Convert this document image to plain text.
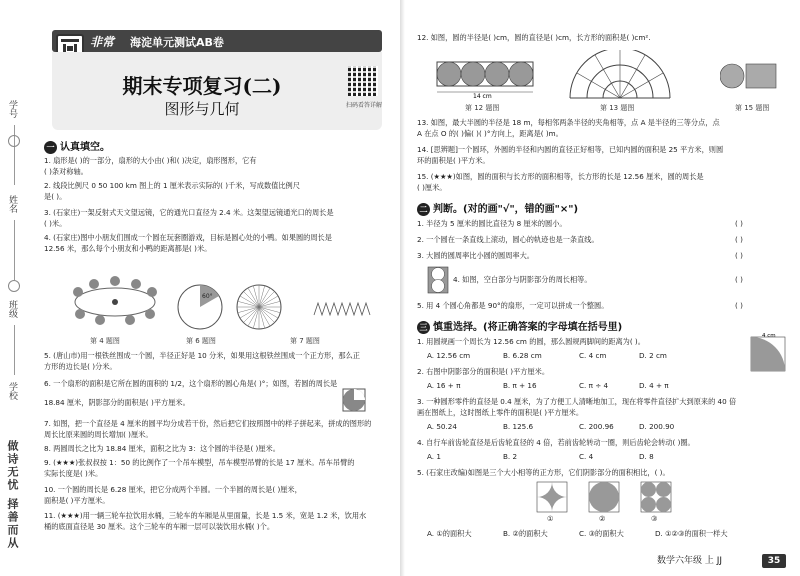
学号
姓名
班级
学校
做诗无忧 择善而从
非常 海淀单元测试AB卷
期末专项复习(二)
图形与几何	扫码看答详解
一 认真填空。
1. 扇形是( )的一部分，扇形的大小由( )和( )决定，扇形图形，它有
( )条对称轴。
2. 线段比例尺 0 50 100 km 图上的 1 厘米表示实际的( )千米，写成数值比例尺
是( )。
3. (石家庄)一架反射式天文望远镜，它的通光口直径为 2.4 米。这架望远镜通光口的周长是
( )米。
4. (石家庄)图中小朋友们围成一个圆在玩套圈游戏，目标是圆心处的小鸭。如果圆的周长是
12.56 米，那么每个小朋友和小鸭的距离都是( )米。
第 4 题图
60°
第 6 题图	第 7 题图
5. (唐山市)用一根铁丝围成一个圆，半径正好是 10 分米，如果用这根铁丝围成一个正方形，那么正
方形的边长是( )分米。
6. 一个扇形的面积是它所在圆的面积的 1/2，这个扇形的圆心角是( )°；如图，若圆的周长是
18.84 厘米，阴影部分的面积是( )平方厘米。
7. 如图，把一个直径是 4 厘米的圆平均分成若干份，然后把它们按照图中的样子拼起来，拼成的图形的
周长比原来圆的周长增加( )厘米。
8. 两圆周长之比为 18.84 厘米，面积之比为 3：这个圆的半径是( )厘米。
9. (★★★)张叔叔按 1：50 的比例作了一个吊车模型，吊车模型吊臂的长是 17 厘米。吊车吊臂的
实际长度是( )米。
10. 一个圆的周长是 6.28 厘米，把它分成两个半圆。一个半圆的周长是( )厘米，
面积是( )平方厘米。
11. (★★★)用一辆三轮车拉饮用水桶，三轮车的车厢是从里面量，长是 1.5 米，宽是 1.2 米，饮用水
桶的底面直径是 30 厘米。这个三轮车的车厢一层可以装饮用水桶( )个。
12. 如图，圆的半径是( )cm，圆的直径是( )cm，长方形的面积是( )cm².
14 cm
第 12 题图	第 13 题图	第 15 题图
13. 如图，最大半圆的半径是 18 m，每相邻两条半径的夹角相等，点 A 是半径的三等分点，点
A 在点 O 的( )偏( )( )°方向上，距离是( )m。
14. [思辨题]一个圆环，外圆的半径和内圆的直径正好相等，已知内圆的面积是 25 平方米，则圆
环的面积是( )平方米。
15. (★★★)如图，圆的面积与长方形的面积相等，长方形的长是 12.56 厘米，圆的周长是
( )厘米。
二 判断。(对的画"√"，错的画"×")
1. 半径为 5 厘米的圆比直径为 8 厘米的圆小。	( )
2. 一个圆在一条直线上滚动，圆心的轨迹也是一条直线。	( )
3. 大圆的圆周率比小圆的圆周率大。	( )
4. 如图，空白部分与阴影部分的周长相等。	( )
5. 用 4 个圆心角都是 90°的扇形，一定可以拼成一个整圆。	( )
三 慎重选择。(将正确答案的字母填在括号里)
1. 用圆规画一个周长为 12.56 cm 的圆，那么圆规两脚间的距离为( )。
A. 12.56 cm	B. 6.28 cm	C. 4 cm	D. 2 cm
4 cm
2. 右图中阴影部分的面积是( )平方厘米。
A. 16 + π	B. π + 16	C. π ÷ 4	D. 4 + π
3. 一种圆形零件的直径是 0.4 厘米，为了方便工人清晰地加工，现在将零件直径扩大到原来的 40 倍
画在图纸上，这时图纸上零件的面积是( )平方厘米。
A. 50.24	B. 125.6	C. 200.96	D. 200.90
4. 自行车前齿轮直径是后齿轮直径的 4 倍，若前齿轮转动一圈，则后齿轮会转动( )圈。
A. 1	B. 2	C. 4	D. 8
5. (石家庄改编)如图是三个大小相等的正方形，它们阴影部分的面积相比，( )。
①	②	③
A. ①的面积大	B. ②的面积大	C. ③的面积大	D. ①②③的面积一样大
数学六年级 上 JJ	35
